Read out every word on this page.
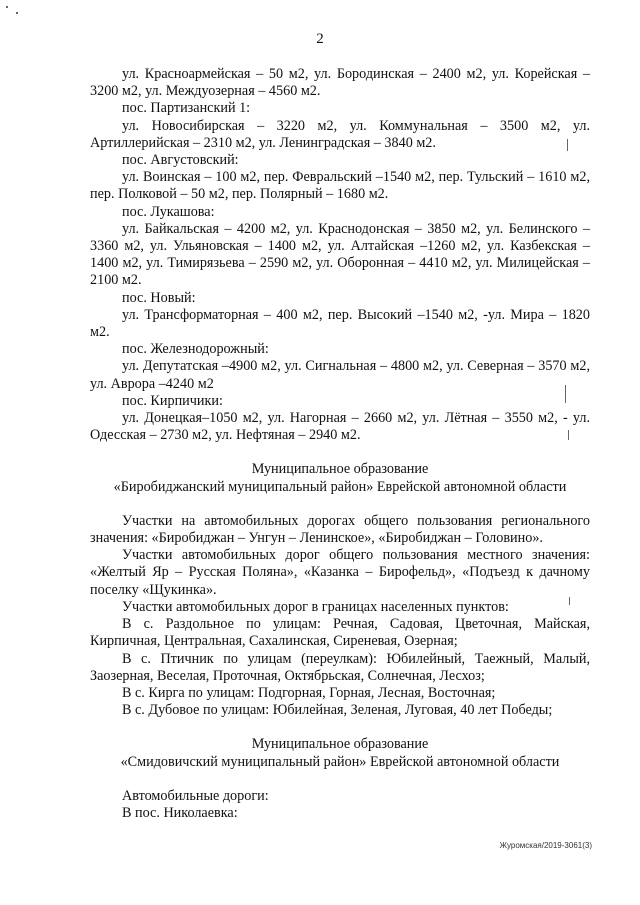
2

ул. Красноармейская – 50 м2, ул. Бородинская – 2400 м2, ул. Корейская – 3200 м2, ул. Междуозерная – 4560 м2.

пос. Партизанский 1:

ул. Новосибирская – 3220 м2, ул. Коммунальная – 3500 м2, ул. Артиллерийская – 2310 м2, ул. Ленинградская – 3840 м2.

пос. Августовский:

ул. Воинская – 100 м2, пер. Февральский –1540 м2, пер. Тульский – 1610 м2, пер. Полковой – 50 м2, пер. Полярный – 1680 м2.

пос. Лукашова:

ул. Байкальская – 4200 м2, ул. Краснодонская – 3850 м2, ул. Белинского – 3360 м2, ул. Ульяновская – 1400 м2, ул. Алтайская –1260 м2, ул. Казбекская – 1400 м2, ул. Тимирязьева – 2590 м2, ул. Оборонная – 4410 м2, ул. Милицейская – 2100 м2.

пос. Новый:

ул. Трансформаторная – 400 м2, пер. Высокий –1540 м2, -ул. Мира – 1820 м2.

пос. Железнодорожный:

ул. Депутатская –4900 м2, ул. Сигнальная – 4800 м2, ул. Северная – 3570 м2, ул. Аврора –4240 м2

пос. Кирпичики:

ул. Донецкая–1050 м2, ул. Нагорная – 2660 м2, ул. Лётная – 3550 м2, - ул. Одесская – 2730 м2, ул. Нефтяная – 2940 м2.

Муниципальное образование

«Биробиджанский муниципальный район» Еврейской автономной области

Участки на автомобильных дорогах общего пользования регионального значения: «Биробиджан – Унгун – Ленинское», «Биробиджан – Головино».

Участки автомобильных дорог общего пользования местного значения: «Желтый Яр – Русская Поляна», «Казанка – Бирофельд», «Подъезд к дачному поселку «Щукинка».

Участки автомобильных дорог в границах населенных пунктов:

В с. Раздольное по улицам: Речная, Садовая, Цветочная, Майская, Кирпичная, Центральная, Сахалинская, Сиреневая, Озерная;

В с. Птичник по улицам (переулкам): Юбилейный, Таежный, Малый, Заозерная, Веселая, Проточная, Октябрьская, Солнечная, Лесхоз;

В с. Кирга по улицам: Подгорная, Горная, Лесная, Восточная;

В с. Дубовое по улицам: Юбилейная, Зеленая, Луговая, 40 лет Победы;

Муниципальное образование

«Смидовичский муниципальный район» Еврейской автономной области

Автомобильные дороги:

В пос. Николаевка:

Журомская/2019-3061(3)
